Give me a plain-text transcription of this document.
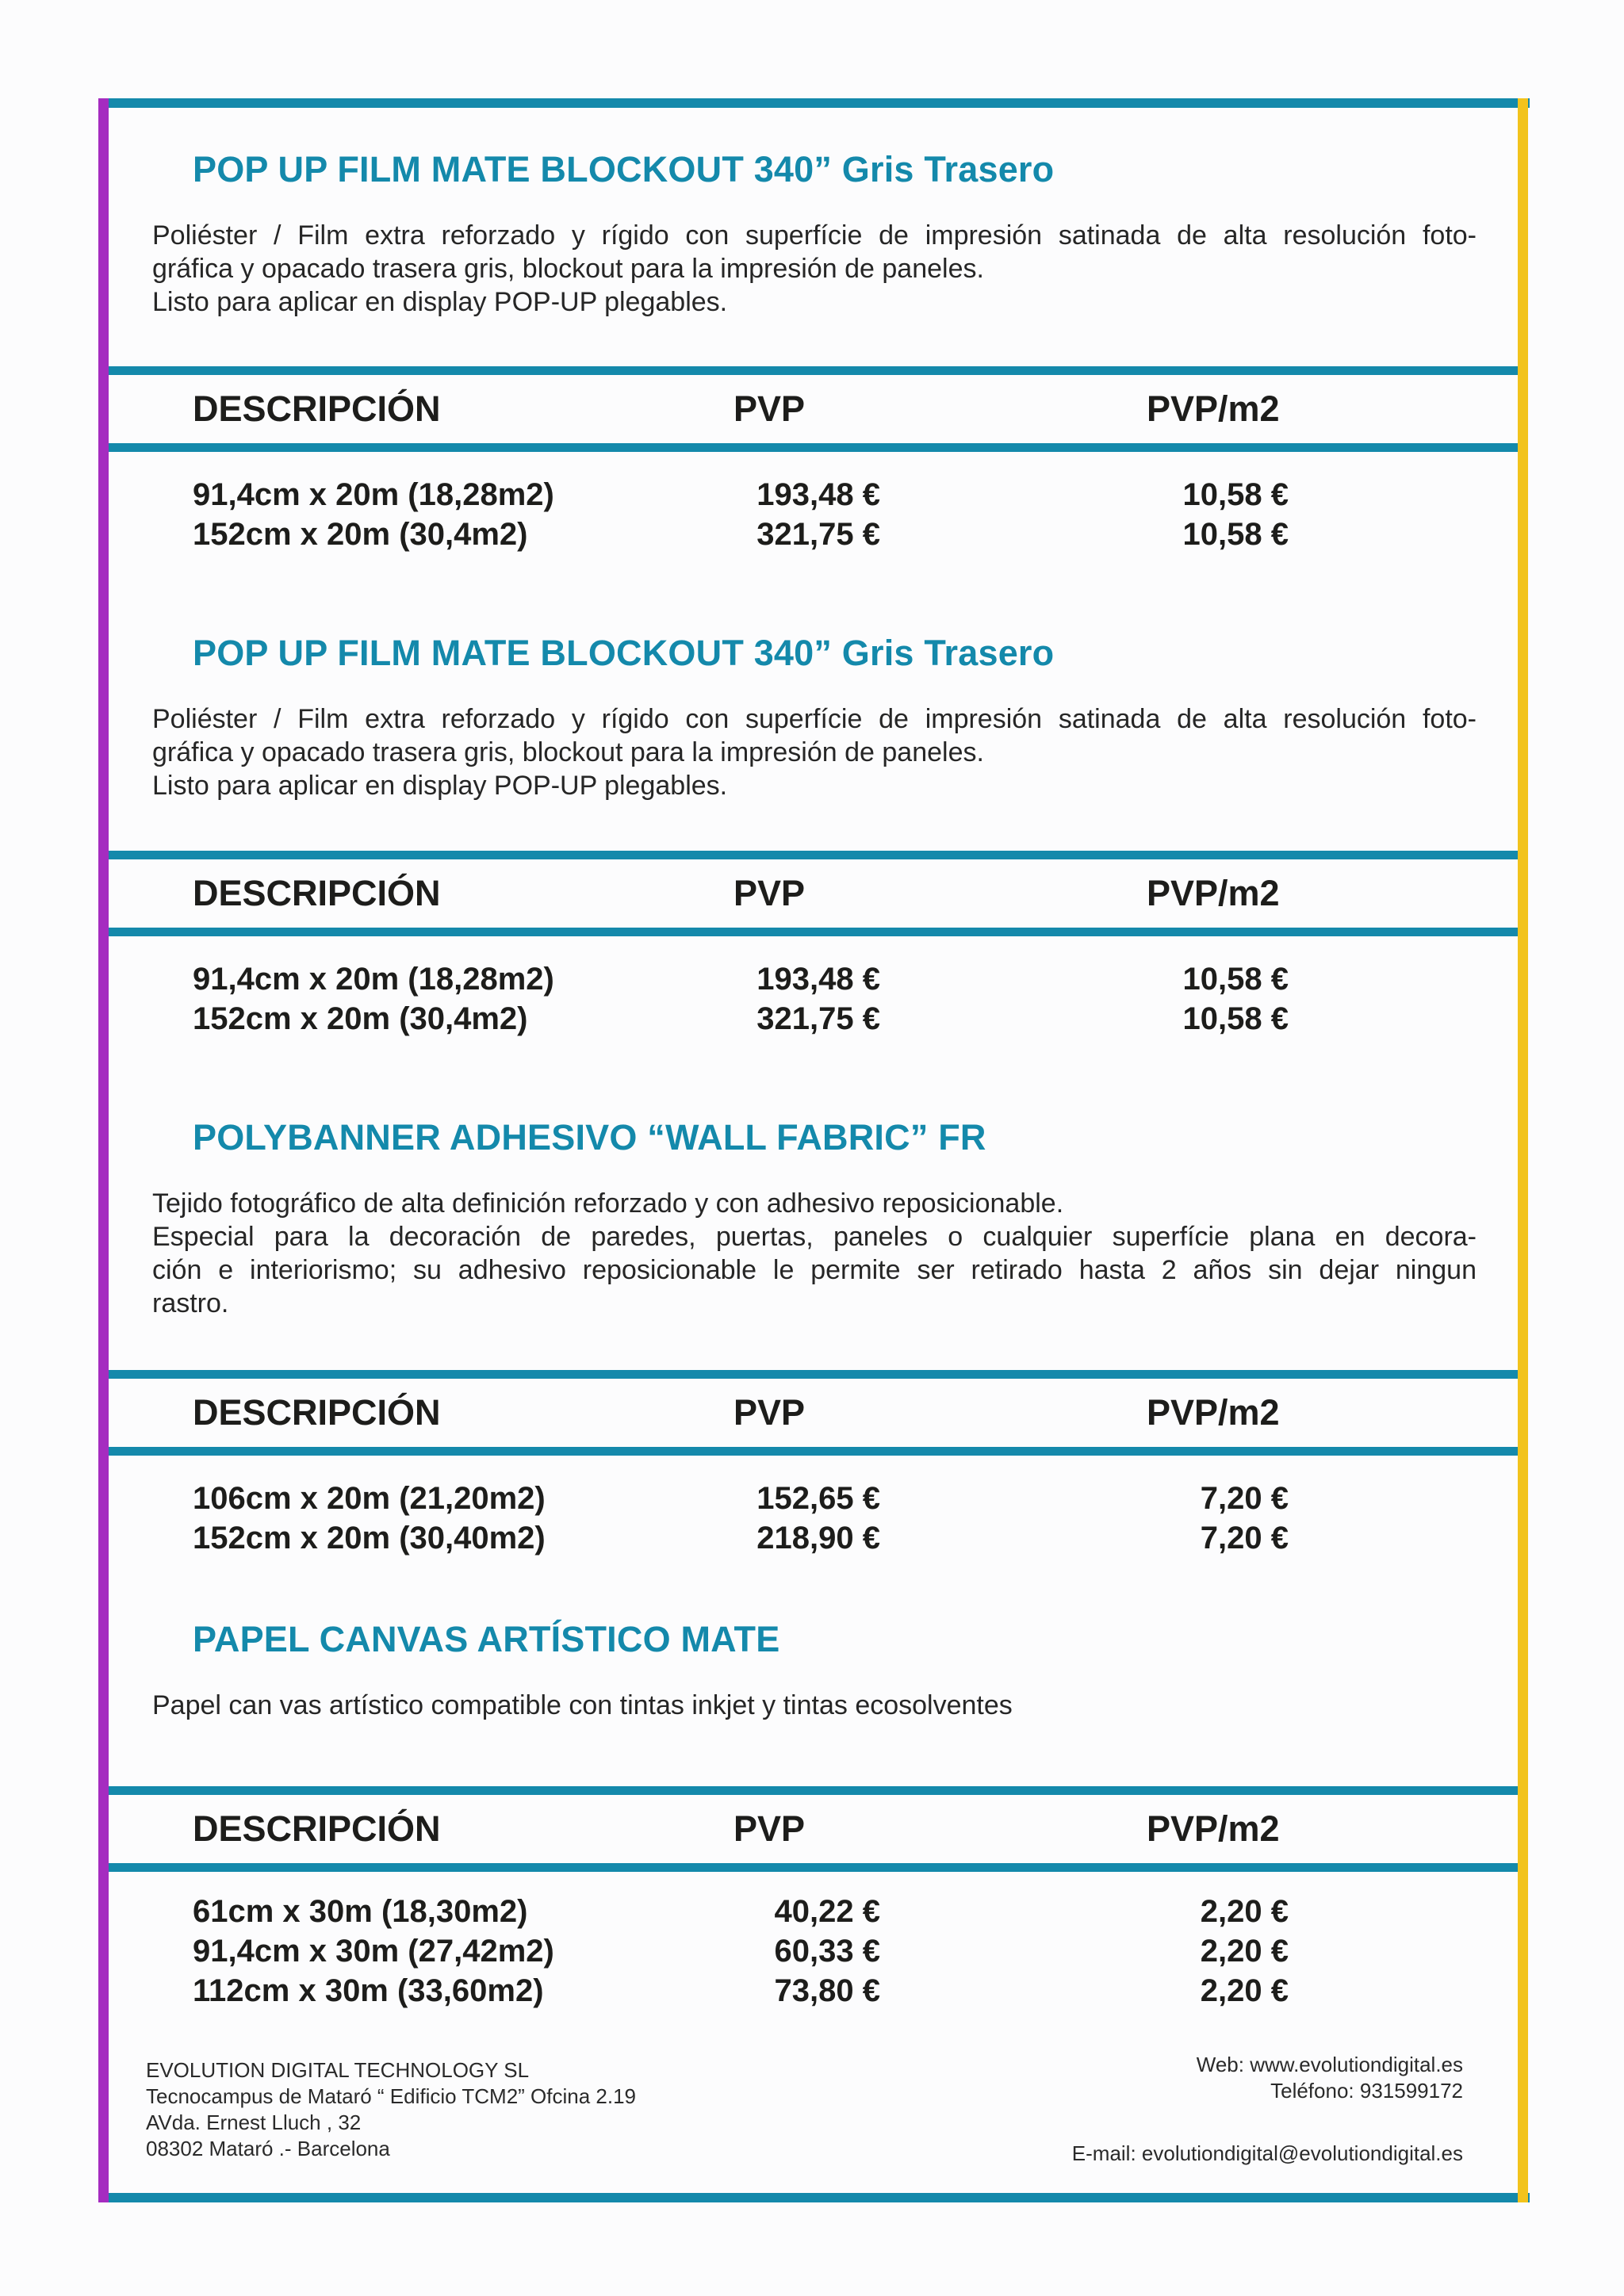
POP UP FILM MATE BLOCKOUT 340” Gris Trasero

Poliéster / Film extra reforzado y rígido con superfície de impresión satinada de alta resolución foto-
gráfica y opacado trasera gris, blockout para la impresión de paneles.
Listo para aplicar en display POP-UP plegables.

DESCRIPCIÓN	PVP	PVP/m2
91,4cm x 20m (18,28m2)	193,48 €	10,58 €
152cm x 20m (30,4m2)	321,75 €	10,58 €
POP UP FILM MATE BLOCKOUT 340” Gris Trasero

Poliéster / Film extra reforzado y rígido con superfície de impresión satinada de alta resolución foto-
gráfica y opacado trasera gris, blockout para la impresión de paneles.
Listo para aplicar en display POP-UP plegables.

DESCRIPCIÓN	PVP	PVP/m2
91,4cm x 20m (18,28m2)	193,48 €	10,58 €
152cm x 20m (30,4m2)	321,75 €	10,58 €
POLYBANNER ADHESIVO “WALL FABRIC” FR

Tejido fotográfico de alta definición reforzado y con adhesivo reposicionable.
Especial para la decoración de paredes, puertas, paneles o cualquier superfície plana en decora-
ción e interiorismo; su adhesivo reposicionable le permite ser retirado hasta 2 años sin dejar ningun
rastro.

DESCRIPCIÓN	PVP	PVP/m2
106cm x 20m (21,20m2)	152,65 €	7,20 €
152cm x 20m (30,40m2)	218,90 €	7,20 €
PAPEL CANVAS ARTÍSTICO MATE

Papel can vas artístico compatible con tintas inkjet y tintas ecosolventes

DESCRIPCIÓN	PVP	PVP/m2
61cm x 30m (18,30m2)	40,22 €	2,20 €
91,4cm x 30m (27,42m2)	60,33 €	2,20 €
112cm x 30m (33,60m2)	73,80 €	2,20 €
EVOLUTION DIGITAL TECHNOLOGY SL
Tecnocampus de Mataró “ Edificio TCM2” Ofcina 2.19
AVda. Ernest Lluch , 32
08302 Mataró .- Barcelona
Web: www.evolutiondigital.es
Teléfono: 931599172
E-mail: evolutiondigital@evolutiondigital.es
